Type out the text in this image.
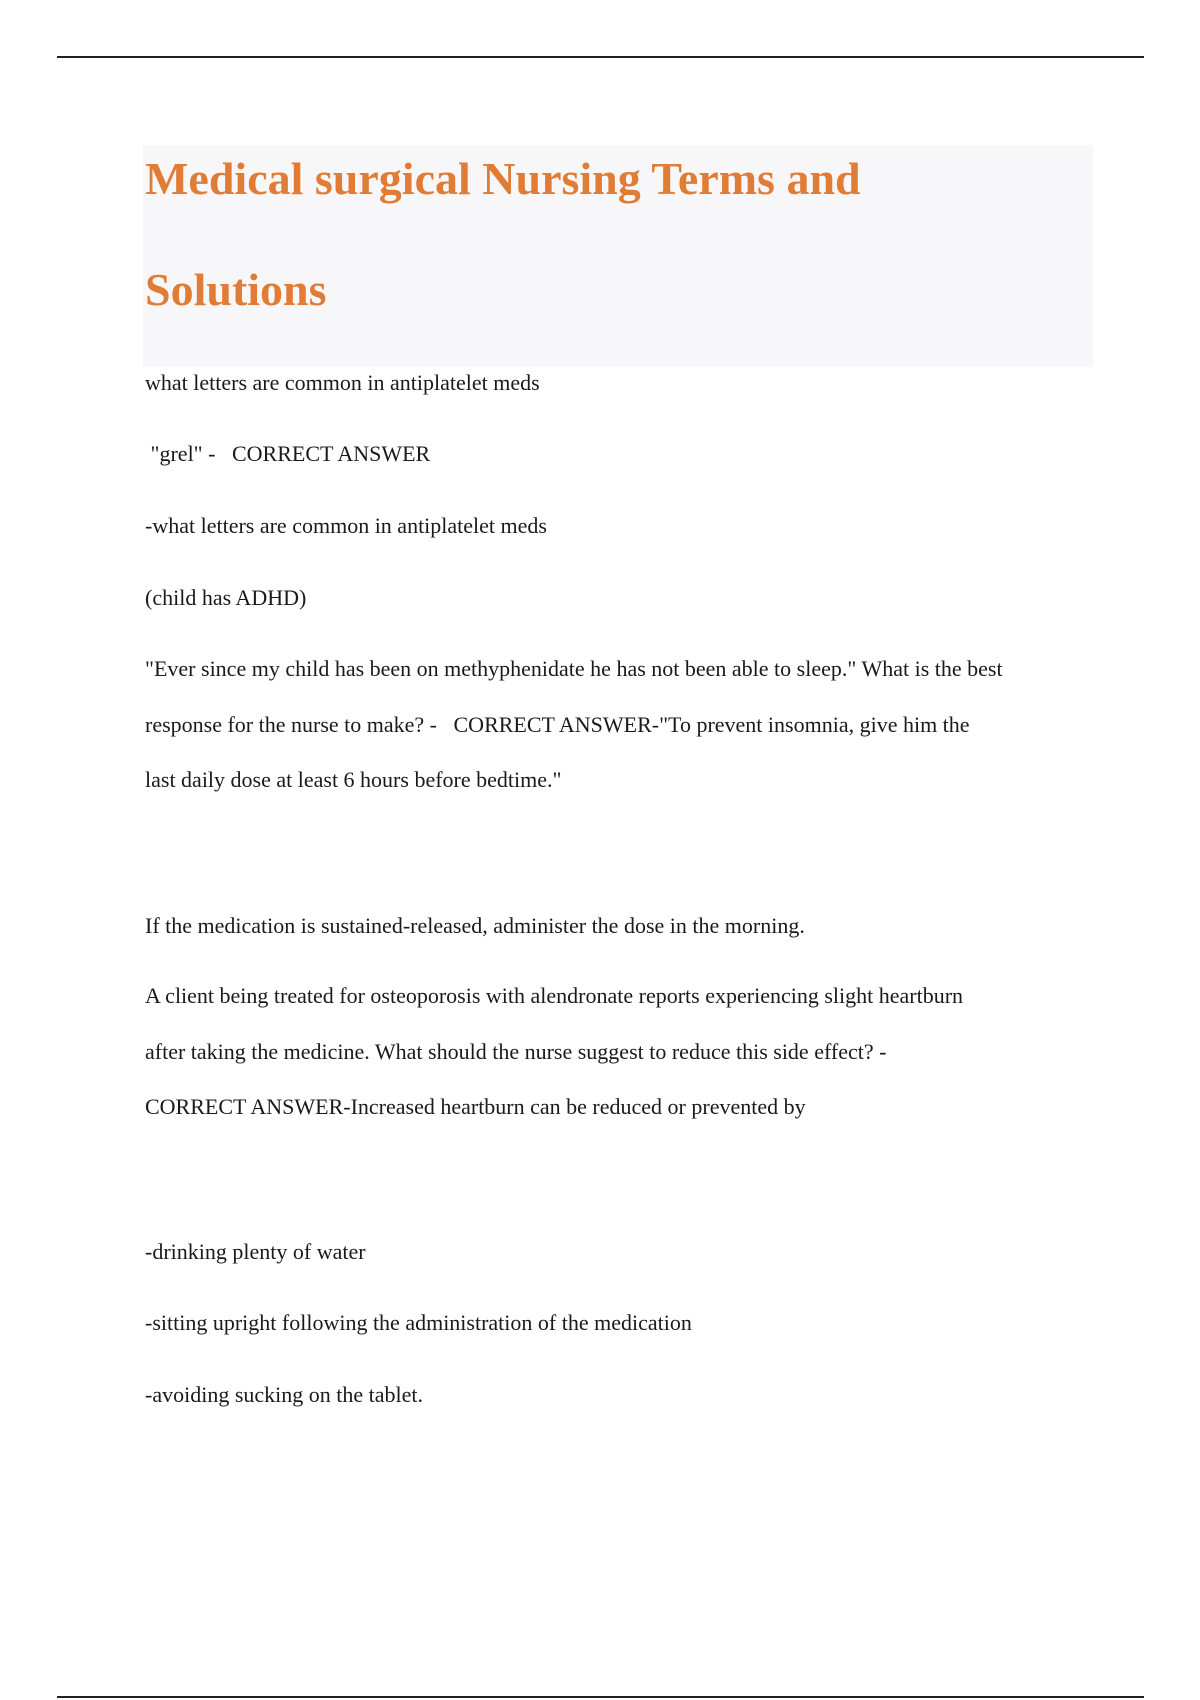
Medical surgical Nursing Terms and
Solutions

what letters are common in antiplatelet meds

"grel" -   CORRECT ANSWER

-what letters are common in antiplatelet meds

(child has ADHD)

"Ever since my child has been on methyphenidate he has not been able to sleep." What is the best

response for the nurse to make? -   CORRECT ANSWER-"To prevent insomnia, give him the

last daily dose at least 6 hours before bedtime."

If the medication is sustained-released, administer the dose in the morning.

A client being treated for osteoporosis with alendronate reports experiencing slight heartburn

after taking the medicine. What should the nurse suggest to reduce this side effect? -

CORRECT ANSWER-Increased heartburn can be reduced or prevented by

-drinking plenty of water

-sitting upright following the administration of the medication

-avoiding sucking on the tablet.
